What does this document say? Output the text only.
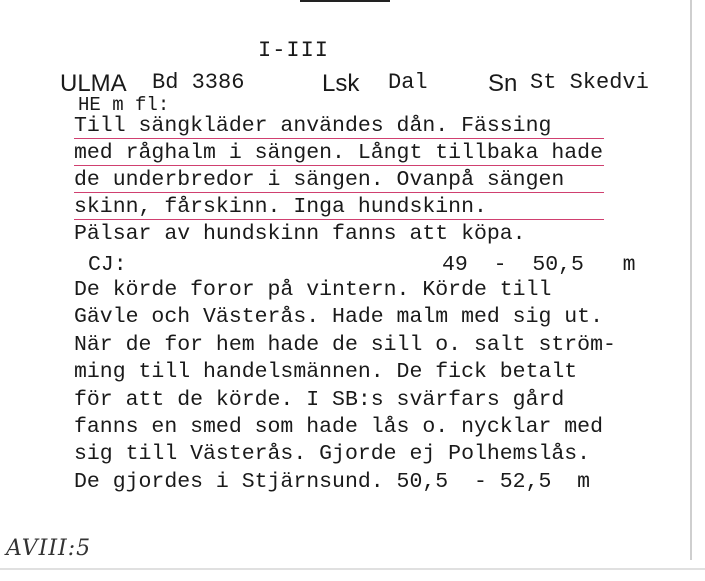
I-III
ULMA Bd 3386	Lsk Dal	Sn St Skedvi
HE m fl:
Till sängkläder användes dån. Fässing
med råghalm i sängen. Långt tillbaka hade
de underbredor i sängen. Ovanpå sängen
skinn, fårskinn. Inga hundskinn.
Pälsar av hundskinn fanns att köpa.
CJ:	49  -  50,5   m
De körde foror på vintern. Körde till
Gävle och Västerås. Hade malm med sig ut.
När de for hem hade de sill o. salt ström-
ming till handelsmännen. De fick betalt
för att de körde. I SB:s svärfars gård
fanns en smed som hade lås o. nycklar med
sig till Västerås. Gjorde ej Polhemslås.
De gjordes i Stjärnsund. 50,5  - 52,5  m
AVIII:5
